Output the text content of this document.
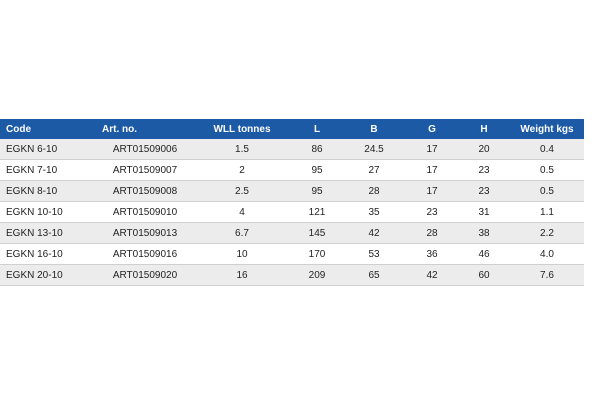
Code	Art. no.	WLL tonnes	L	B	G	H	Weight kgs
EGKN 6-10	ART01509006	1.5	86	24.5	17	20	0.4
EGKN 7-10	ART01509007	2	95	27	17	23	0.5
EGKN 8-10	ART01509008	2.5	95	28	17	23	0.5
EGKN 10-10	ART01509010	4	121	35	23	31	1.1
EGKN 13-10	ART01509013	6.7	145	42	28	38	2.2
EGKN 16-10	ART01509016	10	170	53	36	46	4.0
EGKN 20-10	ART01509020	16	209	65	42	60	7.6
